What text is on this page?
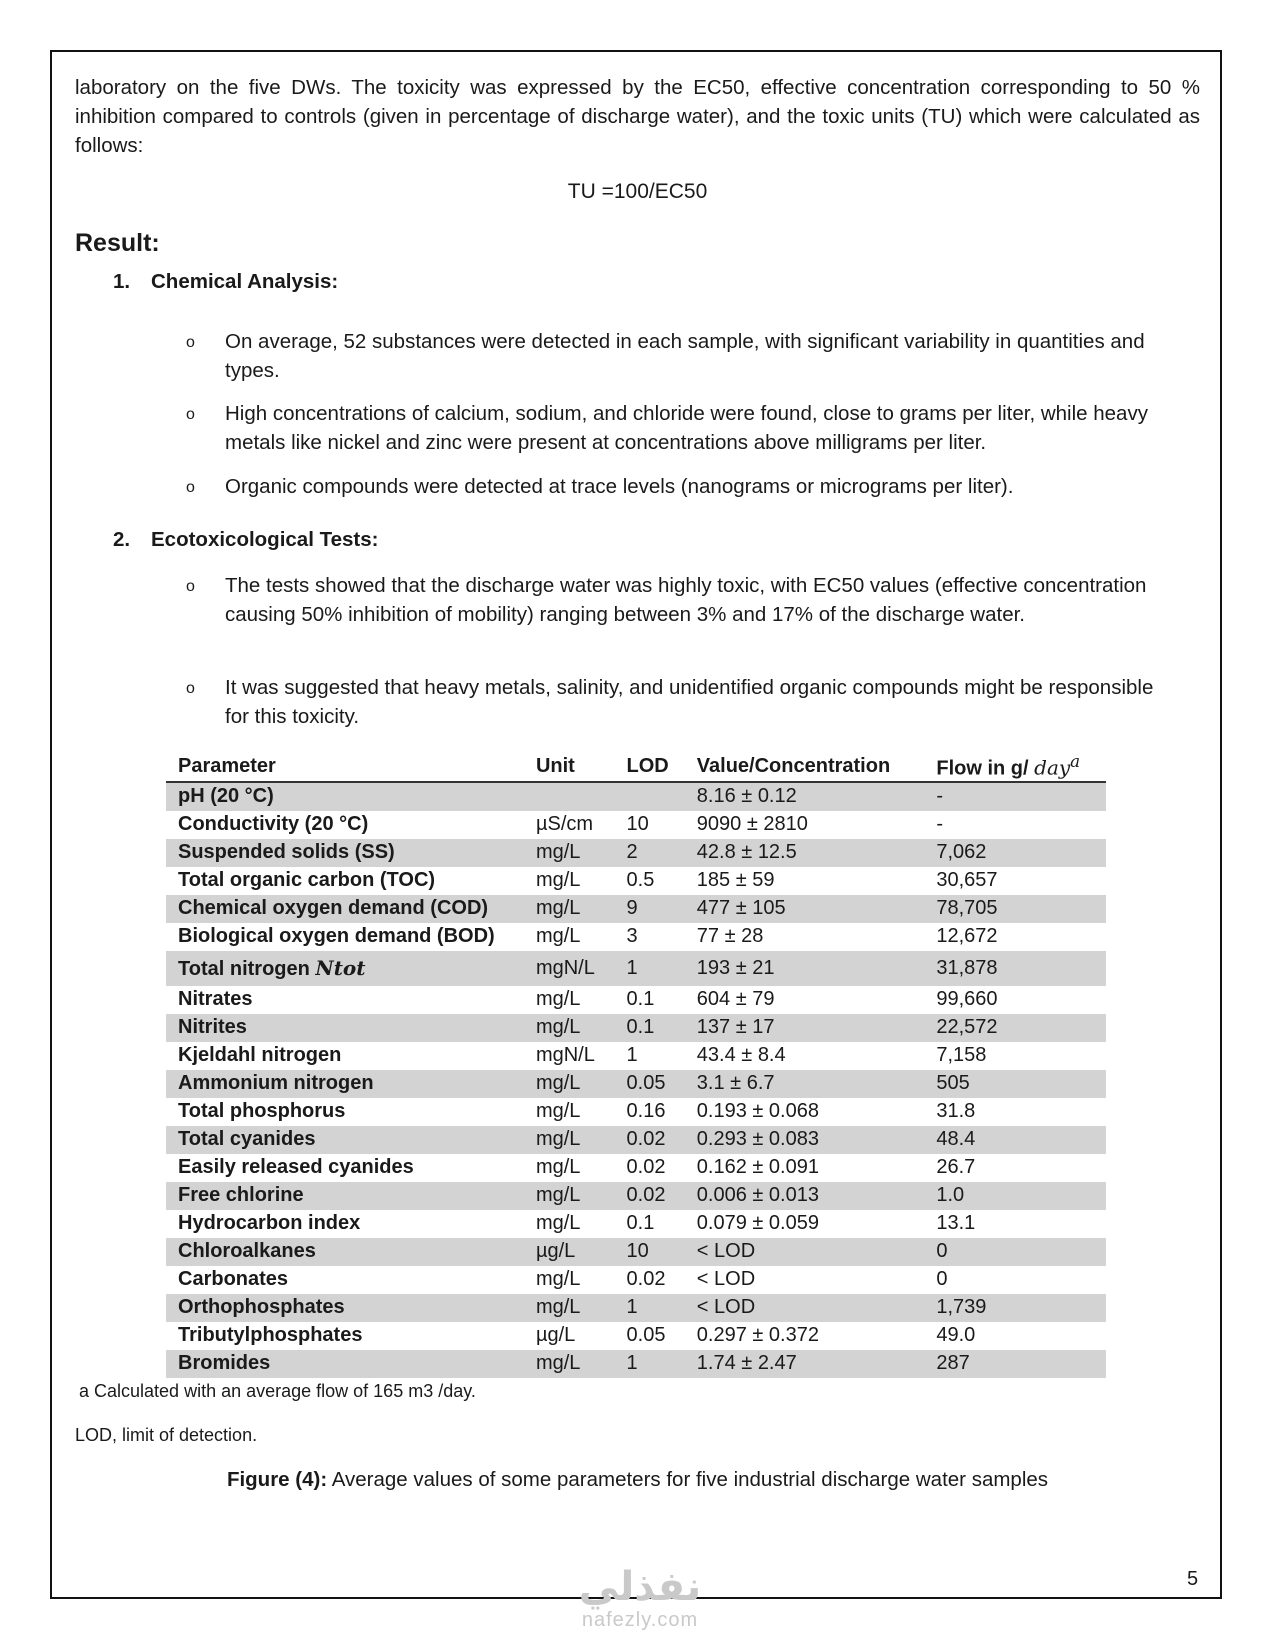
laboratory on the five DWs. The toxicity was expressed by the EC50, effective concentration corresponding to 50 % inhibition compared to controls (given in percentage of discharge water), and the toxic units (TU) which were calculated as follows:

TU =100/EC50
Result:
1. Chemical Analysis:
o On average, 52 substances were detected in each sample, with significant variability in quantities and types.
o High concentrations of calcium, sodium, and chloride were found, close to grams per liter, while heavy metals like nickel and zinc were present at concentrations above milligrams per liter.
o Organic compounds were detected at trace levels (nanograms or micrograms per liter).
2. Ecotoxicological Tests:
o The tests showed that the discharge water was highly toxic, with EC50 values (effective concentration causing 50% inhibition of mobility) ranging between 3% and 17% of the discharge water.
o It was suggested that heavy metals, salinity, and unidentified organic compounds might be responsible for this toxicity.
Parameter	Unit	LOD	Value/Concentration	Flow in g/ day$^a$
pH (20 °C)			8.16 ± 0.12	-
Conductivity (20 °C)	µS/cm	10	9090 ± 2810	-
Suspended solids (SS)	mg/L	2	42.8 ± 12.5	7,062
Total organic carbon (TOC)	mg/L	0.5	185 ± 59	30,657
Chemical oxygen demand (COD)	mg/L	9	477 ± 105	78,705
Biological oxygen demand (BOD)	mg/L	3	77 ± 28	12,672
Total nitrogen Ntot	mgN/L	1	193 ± 21	31,878
Nitrates	mg/L	0.1	604 ± 79	99,660
Nitrites	mg/L	0.1	137 ± 17	22,572
Kjeldahl nitrogen	mgN/L	1	43.4 ± 8.4	7,158
Ammonium nitrogen	mg/L	0.05	3.1 ± 6.7	505
Total phosphorus	mg/L	0.16	0.193 ± 0.068	31.8
Total cyanides	mg/L	0.02	0.293 ± 0.083	48.4
Easily released cyanides	mg/L	0.02	0.162 ± 0.091	26.7
Free chlorine	mg/L	0.02	0.006 ± 0.013	1.0
Hydrocarbon index	mg/L	0.1	0.079 ± 0.059	13.1
Chloroalkanes	µg/L	10	< LOD	0
Carbonates	mg/L	0.02	< LOD	0
Orthophosphates	mg/L	1	< LOD	1,739
Tributylphosphates	µg/L	0.05	0.297 ± 0.372	49.0
Bromides	mg/L	1	1.74 ± 2.47	287
a Calculated with an average flow of 165 m3 /day.
LOD, limit of detection.
Figure (4): Average values of some parameters for five industrial discharge water samples
5
نفذلي
nafezly.com
